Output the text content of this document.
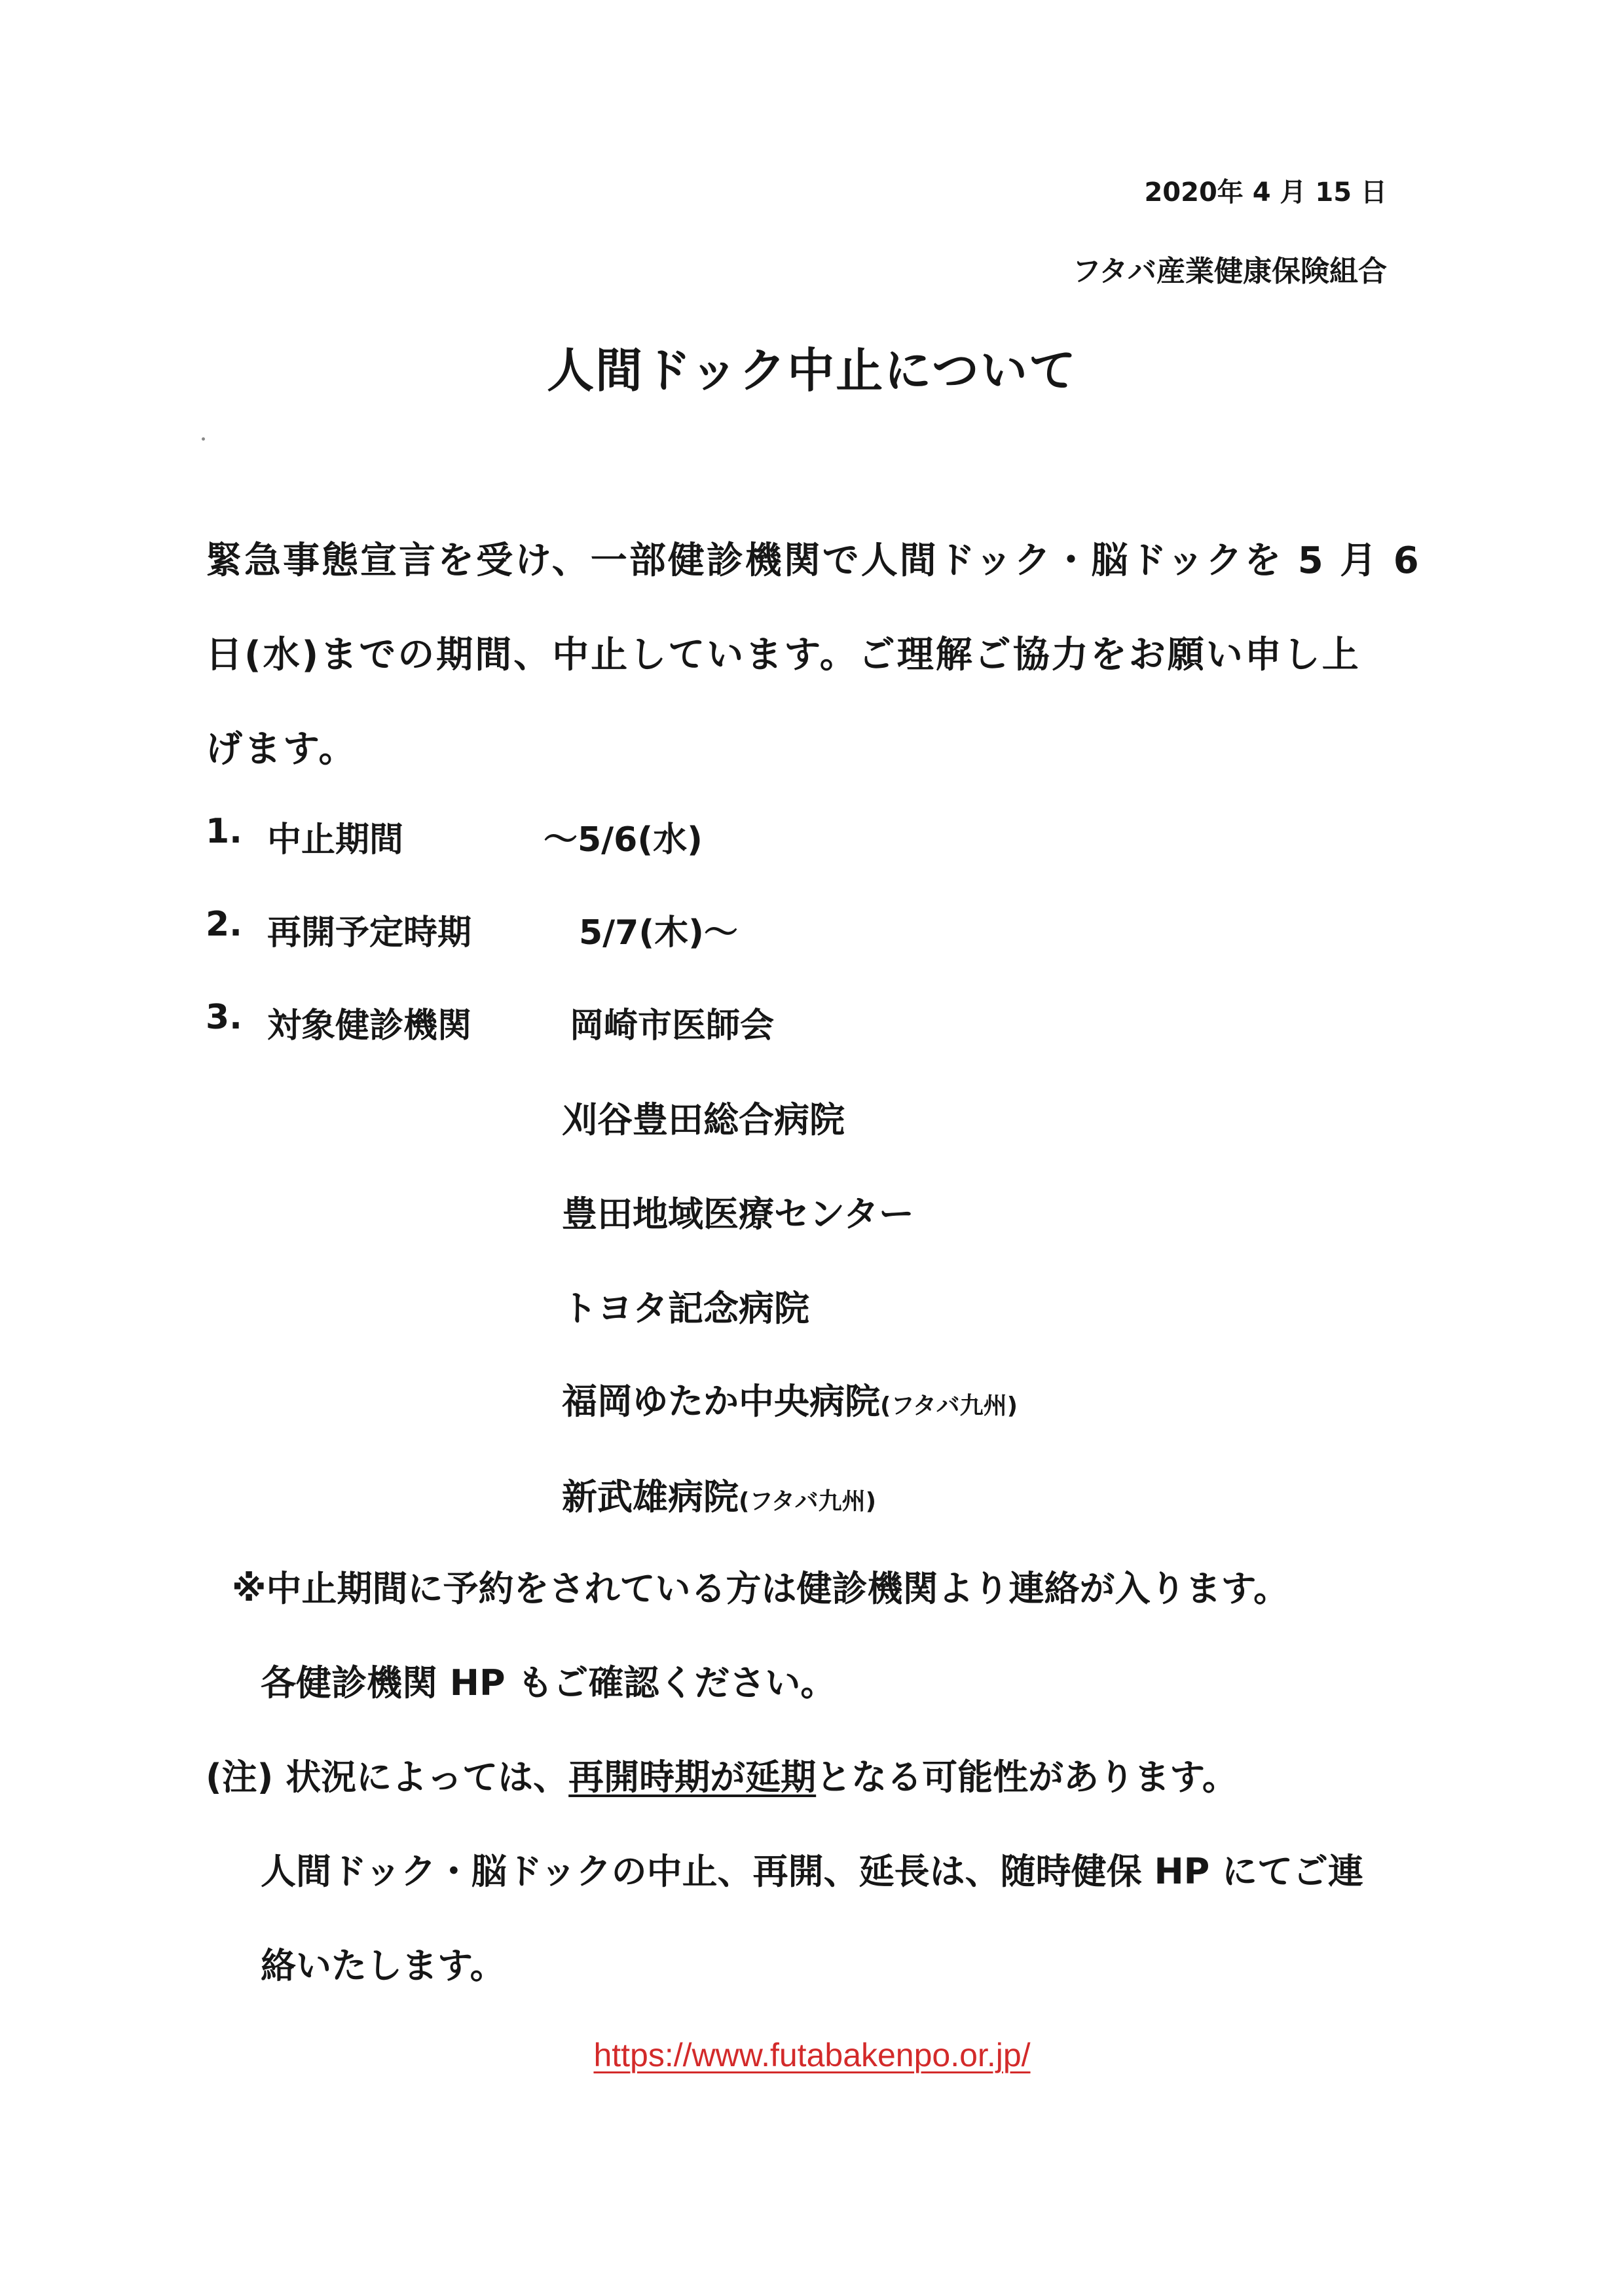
2020年 4 月 15 日
フタバ産業健康保険組合
人間ドック中止について
緊急事態宣言を受け、一部健診機関で人間ドック・脳ドックを 5 月 6
日(水)までの期間、中止しています。ご理解ご協力をお願い申し上
げます。
1. 中止期間	～5/6(水)
2. 再開予定時期	5/7(木)～
3. 対象健診機関	岡崎市医師会
刈谷豊田総合病院
豊田地域医療センター
トヨタ記念病院
福岡ゆたか中央病院(フタバ九州)
新武雄病院(フタバ九州)
※中止期間に予約をされている方は健診機関より連絡が入ります。
各健診機関 HP もご確認ください。
(注) 状況によっては、再開時期が延期となる可能性があります。
人間ドック・脳ドックの中止、再開、延長は、随時健保 HP にてご連
絡いたします。
https://www.futabakenpo.or.jp/
